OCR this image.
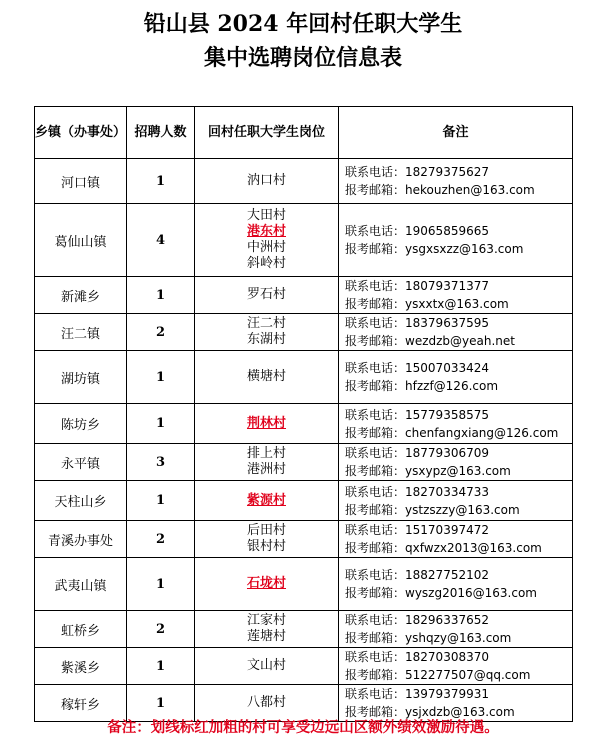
铅山县 2024 年回村任职大学生
集中选聘岗位信息表
乡镇（办事处）	招聘人数	回村任职大学生岗位	备注
河口镇	1	汭口村	联系电话：18279375627
报考邮箱：hekouzhen@163.com

葛仙山镇	4	大田村
港东村
中洲村
斜岭村	联系电话：19065859665
报考邮箱：ysgxsxzz@163.com

新滩乡	1	罗石村	联系电话：18079371377
报考邮箱：ysxxtx@163.com

汪二镇	2	汪二村
东湖村	联系电话：18379637595
报考邮箱：wezdzb@yeah.net

湖坊镇	1	横塘村	联系电话：15007033424
报考邮箱：hfzzf@126.com

陈坊乡	1	荆林村	联系电话：15779358575
报考邮箱：chenfangxiang@126.com

永平镇	3	排上村
港洲村	联系电话：18779306709
报考邮箱：ysxypz@163.com

天柱山乡	1	紫源村	联系电话：18270334733
报考邮箱：ystzszzy@163.com

青溪办事处	2	后田村
银村村	联系电话：15170397472
报考邮箱：qxfwzx2013@163.com

武夷山镇	1	石垅村	联系电话：18827752102
报考邮箱：wyszg2016@163.com

虹桥乡	2	江家村
莲塘村	联系电话：18296337652
报考邮箱：yshqzy@163.com

紫溪乡	1	文山村	联系电话：18270308370
报考邮箱：512277507@qq.com

稼轩乡	1	八都村	联系电话：13979379931
报考邮箱：ysjxdzb@163.com
备注：划线标红加粗的村可享受边远山区额外绩效激励待遇。
